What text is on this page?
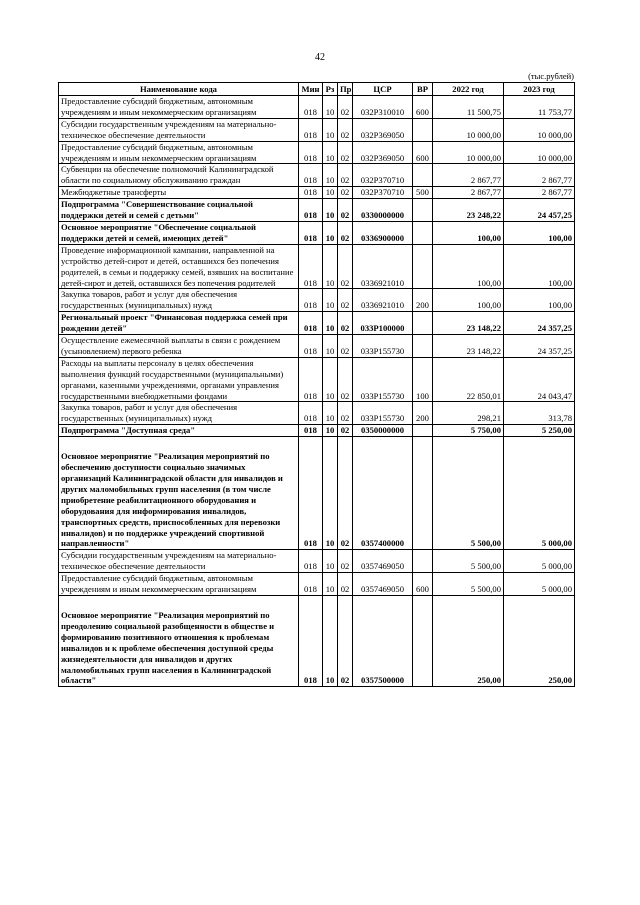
42
(тыс.рублей)
Наименование кода	Мин	Рз	Пр	ЦСР	ВР	2022 год	2023 год
Предоставление субсидий бюджетным, автономным учреждениям и иным некоммерческим организациям	018	10	02	032P310010	600	11 500,75	11 753,77
Субсидии государственным учреждениям на материально-техническое обеспечение деятельности	018	10	02	032P369050		10 000,00	10 000,00
Предоставление субсидий бюджетным, автономным учреждениям и иным некоммерческим организациям	018	10	02	032P369050	600	10 000,00	10 000,00
Субвенции на обеспечение полномочий Калининградской области по социальному обслуживанию граждан	018	10	02	032P370710		2 867,77	2 867,77
Межбюджетные трансферты	018	10	02	032P370710	500	2 867,77	2 867,77
Подпрограмма "Совершенствование социальной поддержки детей и семей с детьми"	018	10	02	0330000000		23 248,22	24 457,25
Основное мероприятие "Обеспечение социальной поддержки детей и семей, имеющих детей"	018	10	02	0336900000		100,00	100,00
Проведение информационной кампании, направленной на устройство детей-сирот и детей, оставшихся без попечения родителей, в семьи и поддержку семей, взявших на воспитание детей-сирот и детей, оставшихся без попечения родителей	018	10	02	0336921010		100,00	100,00
Закупка товаров, работ и услуг для обеспечения государственных (муниципальных) нужд	018	10	02	0336921010	200	100,00	100,00
Региональный проект "Финансовая поддержка семей при рождении детей"	018	10	02	033P100000		23 148,22	24 357,25
Осуществление ежемесячной выплаты в связи с рождением (усыновлением) первого ребенка	018	10	02	033P155730		23 148,22	24 357,25
Расходы на выплаты персоналу в целях обеспечения выполнения функций государственными (муниципальными) органами, казенными учреждениями, органами управления государственными внебюджетными фондами	018	10	02	033P155730	100	22 850,01	24 043,47
Закупка товаров, работ и услуг для обеспечения государственных (муниципальных) нужд	018	10	02	033P155730	200	298,21	313,78
Подпрограмма "Доступная среда"	018	10	02	0350000000		5 750,00	5 250,00
Основное мероприятие "Реализация мероприятий по обеспечению доступности социально значимых организаций Калининградской области для инвалидов и других маломобильных групп населения (в том числе приобретение реабилитационного оборудования и оборудования для информирования инвалидов, транспортных средств, приспособленных для перевозки инвалидов) и по поддержке учреждений спортивной направленности"	018	10	02	0357400000		5 500,00	5 000,00
Субсидии государственным учреждениям на материально-техническое обеспечение деятельности	018	10	02	0357469050		5 500,00	5 000,00
Предоставление субсидий бюджетным, автономным учреждениям и иным некоммерческим организациям	018	10	02	0357469050	600	5 500,00	5 000,00
Основное мероприятие "Реализация мероприятий по преодолению социальной разобщенности в обществе и формированию позитивного отношения к проблемам инвалидов и к проблеме обеспечения доступной среды жизнедеятельности для инвалидов и других маломобильных групп населения в Калининградской области"	018	10	02	0357500000		250,00	250,00
